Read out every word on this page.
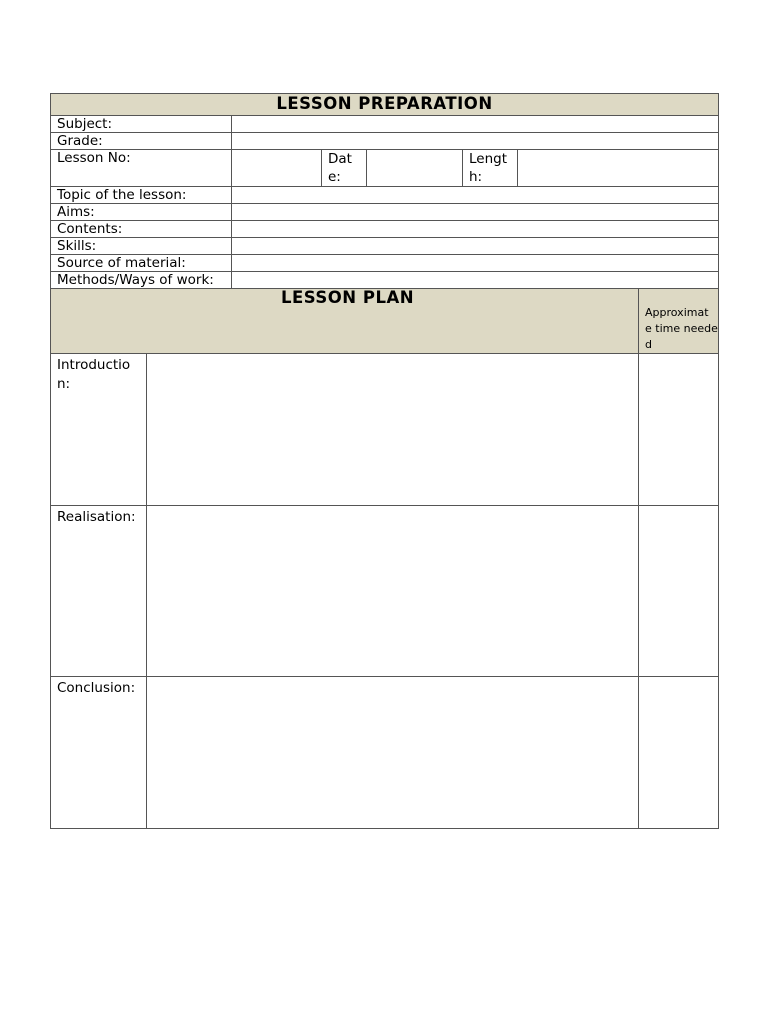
LESSON PREPARATION					
Subject:					
Grade:					
Lesson No:		Dat e:		Lengt h:	
Topic of the lesson:					
Aims:					
Contents:					
Skills:					
Source of material:					
Methods/Ways of work:					
LESSON PLAN		Approximat e time needed
Introductio n:		
Realisation:		
Conclusion:		
